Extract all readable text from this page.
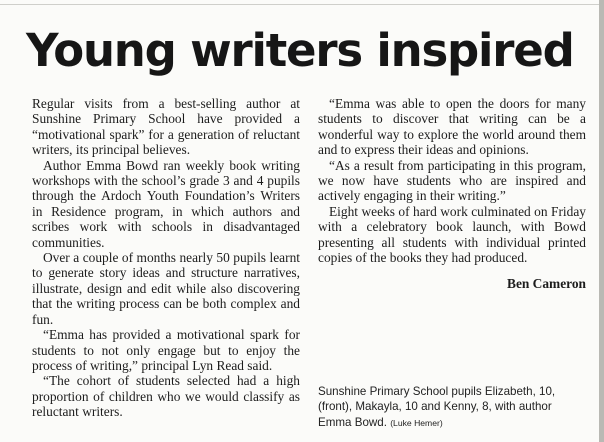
Young writers inspired

Regular visits from a best-selling author at Sunshine Primary School have provided a “motivational spark” for a generation of reluctant writers, its principal believes.

Author Emma Bowd ran weekly book writing workshops with the school’s grade 3 and 4 pupils through the Ardoch Youth Foundation’s Writers in Residence program, in which authors and scribes work with schools in disadvantaged communities.

Over a couple of months nearly 50 pupils learnt to generate story ideas and structure narratives, illustrate, design and edit while also discovering that the writing process can be both complex and fun.

“Emma has provided a motivational spark for students to not only engage but to enjoy the process of writing,” principal Lyn Read said.

“The cohort of students selected had a high proportion of children who we would classify as reluctant writers.

“Emma was able to open the doors for many students to discover that writing can be a wonderful way to explore the world around them and to express their ideas and opinions.

“As a result from participating in this program, we now have students who are inspired and actively engaging in their writing.”

Eight weeks of hard work culminated on Friday with a celebratory book launch, with Bowd presenting all students with individual printed copies of the books they had produced.

Ben Cameron
Sunshine Primary School pupils Elizabeth, 10, (front), Makayla, 10 and Kenny, 8, with author Emma Bowd. (Luke Hemer)
